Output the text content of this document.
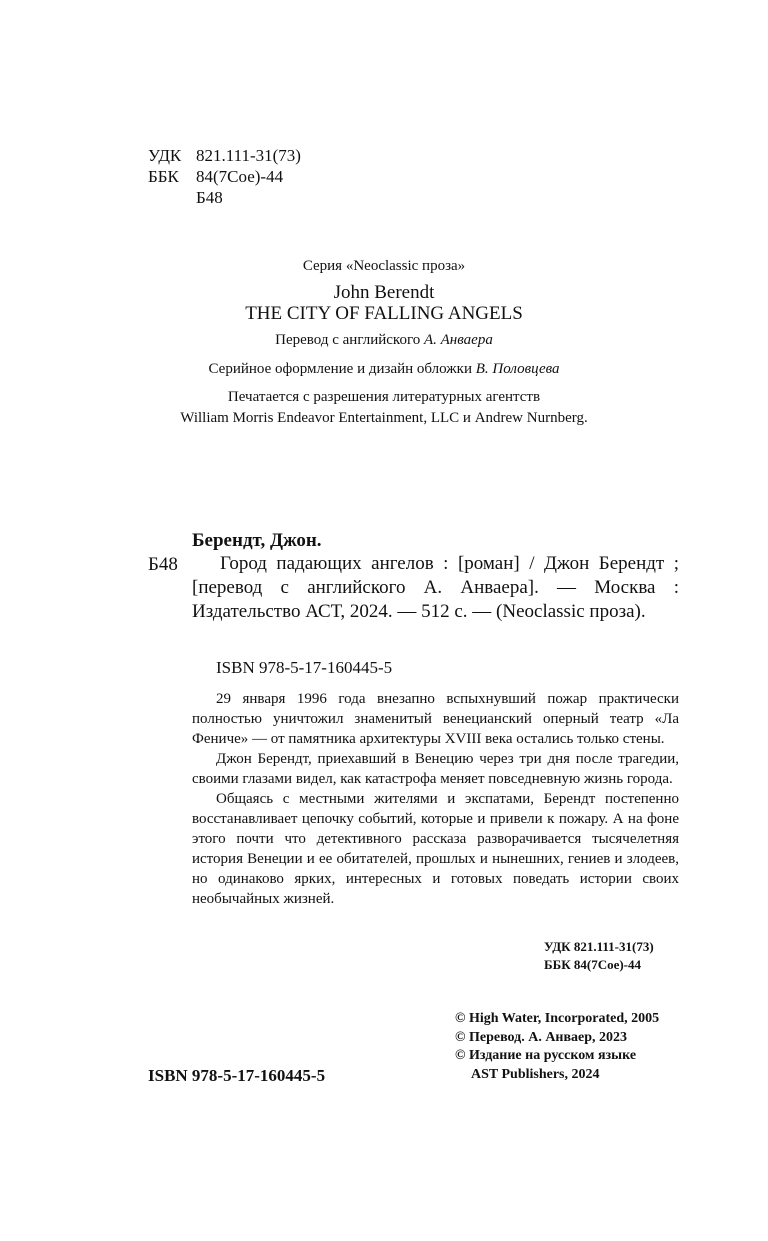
УДК 821.111-31(73)
ББК 84(7Сое)-44
Б48
Серия «Neoclassic проза»
John Berendt
THE CITY OF FALLING ANGELS
Перевод с английского А. Анваера
Серийное оформление и дизайн обложки В. Половцева
Печатается с разрешения литературных агентств
William Morris Endeavor Entertainment, LLC и Andrew Nurnberg.
Берендт, Джон.
Б48	Город падающих ангелов : [роман] / Джон Берендт ; [перевод с английского А. Анваера]. — Москва : Издательство АСТ, 2024. — 512 с. — (Neoclassic проза).
ISBN 978-5-17-160445-5

29 января 1996 года внезапно вспыхнувший пожар практически полностью уничтожил знаменитый венецианский оперный театр «Ла Фениче» — от памятника архитектуры XVIII века остались только стены.

Джон Берендт, приехавший в Венецию через три дня после трагедии, своими глазами видел, как катастрофа меняет повседневную жизнь города.

Общаясь с местными жителями и экспатами, Берендт постепенно восстанавливает цепочку событий, которые и привели к пожару. А на фоне этого почти что детективного рассказа разворачивается тысячелетняя история Венеции и ее обитателей, прошлых и нынешних, гениев и злодеев, но одинаково ярких, интересных и готовых поведать истории своих необычайных жизней.

УДК 821.111-31(73)
ББК 84(7Сое)-44
© High Water, Incorporated, 2005
© Перевод. А. Анваер, 2023
© Издание на русском языке
AST Publishers, 2024
ISBN 978-5-17-160445-5
